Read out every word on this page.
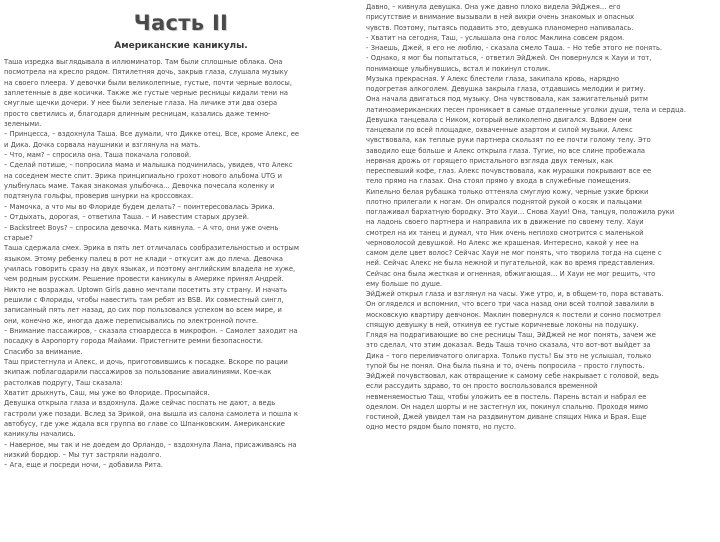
Часть II
Американские каникулы.
Таша изредка выглядывала в иллюминатор. Там были сплошные облака. Она
посмотрела на кресло рядом. Пятилетняя дочь, закрыв глаза, слушала музыку
на своего плеера. У девочки были великолепные, густые, почти черные волосы,
заплетенные в две косички. Также же густые черные ресницы кидали тени на
смуглые щечки дочери. У нее были зеленые глаза. На личике эти два озера
просто светились и, благодаря длинным ресницам, казались даже темно-
зелеными.
– Принцесса, – вздохнула Таша. Все думали, что Дикке отец. Все, кроме Алекс, ее
и Дика. Дочка сорвала наушники и взглянула на мать.
– Что, мам? – спросила она. Таша покачала головой.
– Сделай потише, – попросила мама и малышка подчинилась, увидев, что Алекс
на соседнем месте спит. Эрика принципиально грохот нового альбома UTG и
улыбнулась маме. Такая знакомая улыбочка… Девочка почесала коленку и
подтянула гольфы, проверив шнурки на кроссовках.
– Мамочка, а что мы во Флориде будем делать? – поинтересовалась Эрика.
– Отдыхать, дорогая, – ответила Таша. – И навестим старых друзей.
– Backstreet Boys? – спросила девочка. Мать кивнула. – А что, они уже очень
старые?
Таша сдержала смех. Эрика в пять лет отличалась сообразительностью и острым
языком. Этому ребенку палец в рот не клади – откусит аж до плеча. Девочка
училась говорить сразу на двух языках, и поэтому английским владела не хуже,
чем родным русским. Решение провести каникулы в Америке принял Андрей.
Никто не возражал. Uptown Girls давно мечтали посетить эту страну. И начать
решили с Флориды, чтобы навестить там ребят из BSB. Их совместный сингл,
записанный пять лет назад, до сих пор пользовался успехом во всем мире, и
они, конечно же, иногда даже переписывались по электронной почте.
– Внимание пассажиров, - сказала стюардесса в микрофон. – Самолет заходит на
посадку в Аэропорту города Майами. Пристегните ремни безопасности.
Спасибо за внимание.
Таш пристегнула и Алекс, и дочь, приготовившись к посадке. Вскоре по рации
экипаж поблагодарили пассажиров за пользование авиалиниями. Кое-как
растолкав подругу, Таш сказала:
Хватит дрыхнуть, Саш, мы уже во Флориде. Просыпайся.
Девушка открыла глаза и вздохнула. Даже сейчас поспать не дают, а ведь
гастроли уже позади. Вслед за Эрикой, она вышла из салона самолета и пошла к
автобусу, где уже ждала вся группа во главе со Шпанковским. Американские
каникулы начались.
– Наверное, мы так и не доедем до Орландо, – вздохнула Лана, присаживаясь на
низкий бордюр. – Мы тут застряли надолго.
– Ага, еще и посреди ночи, – добавила Рита.
Давно, – кивнула девушка. Она уже давно плохо видела ЭйДжея… его
присутствие и внимание вызывали в ней вихри очень знакомых и опасных
чувств. Поэтому, пытаясь подавить это, девушка планомерно напивалась.
- Хватит на сегодня, Таш, - услышала она голос Маклина совсем рядом.
- Знаешь, Джей, я его не люблю, - сказала смело Таша. – Но тебе этого не понять.
- Однако, я мог бы попытаться, - ответил ЭйДжей. Он повернулся к Хауи и тот,
понимающе улыбнувшись, встал и покинул столик.
Музыка прекрасная. У Алекс блестели глаза, закипала кровь, нарядно
подогретая алкоголем. Девушка закрыла глаза, отдавшись мелодии и ритму.
Она начала двигаться под музыку. Она чувствовала, как зажигательный ритм
латиноамериканских песен проникает в самые отдаленные уголки души, тела и сердца.
Девушка танцевала с Ником, который великолепно двигался. Вдвоем они
танцевали по всей площадке, охваченные азартом и силой музыки. Алекс
чувствовала, как теплые руки партнера скользят по ее почти голому телу. Это
заводило еще больше и Алекс открыла глаза. Тугие, но все слине пробежала
нервная дрожь от горящего пристального взгляда двух темных, как
переспевший кофе, глаз. Алекс почувствовала, как мурашки покрывают все ее
тело прямо на глазах. Она стоял прямо у входа в служебные помещения.
Кипельно белая рубашка только оттеняла смуглую кожу, черные узкие брюки
плотно прилегали к ногам. Он опирался поднятой рукой о косяк и пальцами
поглаживал бархатную бородку. Это Хауи… Снова Хауи! Она, танцуя, положила руки
на ладонь своего партнера и направила их в движение по своему телу. Хауи
смотрел на их танец и думал, что Ник очень неплохо смотрится с маленькой
черноволосой девушкой. Но Алекс же крашеная. Интересно, какой у нее на
самом деле цвет волос? Сейчас Хауи не мог понять, что творила тогда на сцене с
ней. Сейчас Алекс не была нежной и пугательной, как во время представления.
Сейчас она была жесткая и огненная, обжигающая… И Хауи не мог решить, что
ему больше по душе.
ЭйДжей открыл глаза и взглянул на часы. Уже утро, и, в общем-то, пора вставать.
Он огляделся и вспомнил, что всего три часа назад они всей толпой завалили в
московскую квартиру девчонок. Маклин повернулся к постели и сонно посмотрел
спящую девушку в ней, откинув ее густые коричневые локоны на подушку.
Глядя на подрагивающие во сне ресницы Таш, ЭйДжей не мог понять, зачем же
это сделал, что этим доказал. Ведь Таша точно сказала, что вот-вот выйдет за
Дика – того переливчатого олигарха. Только пусть! Бы это не услышал, только
тупой бы не понял. Она была пьяна и то, очень попросила – просто глупость.
ЭйДжей почувствовал, как отвращение к самому себе накрывает с головой, ведь
если рассудить здраво, то он просто воспользовался временной
невменяемостью Таш, чтобы уложить ее в постель. Парень встал и набрал ее
одеялом. Он надел шорты и не застегнул их, покинул спальню. Проходя мимо
гостиной, Джей увидел там на раздвинутом диване спящих Ника и Брая. Еще
одно место рядом было помято, но пусто.
